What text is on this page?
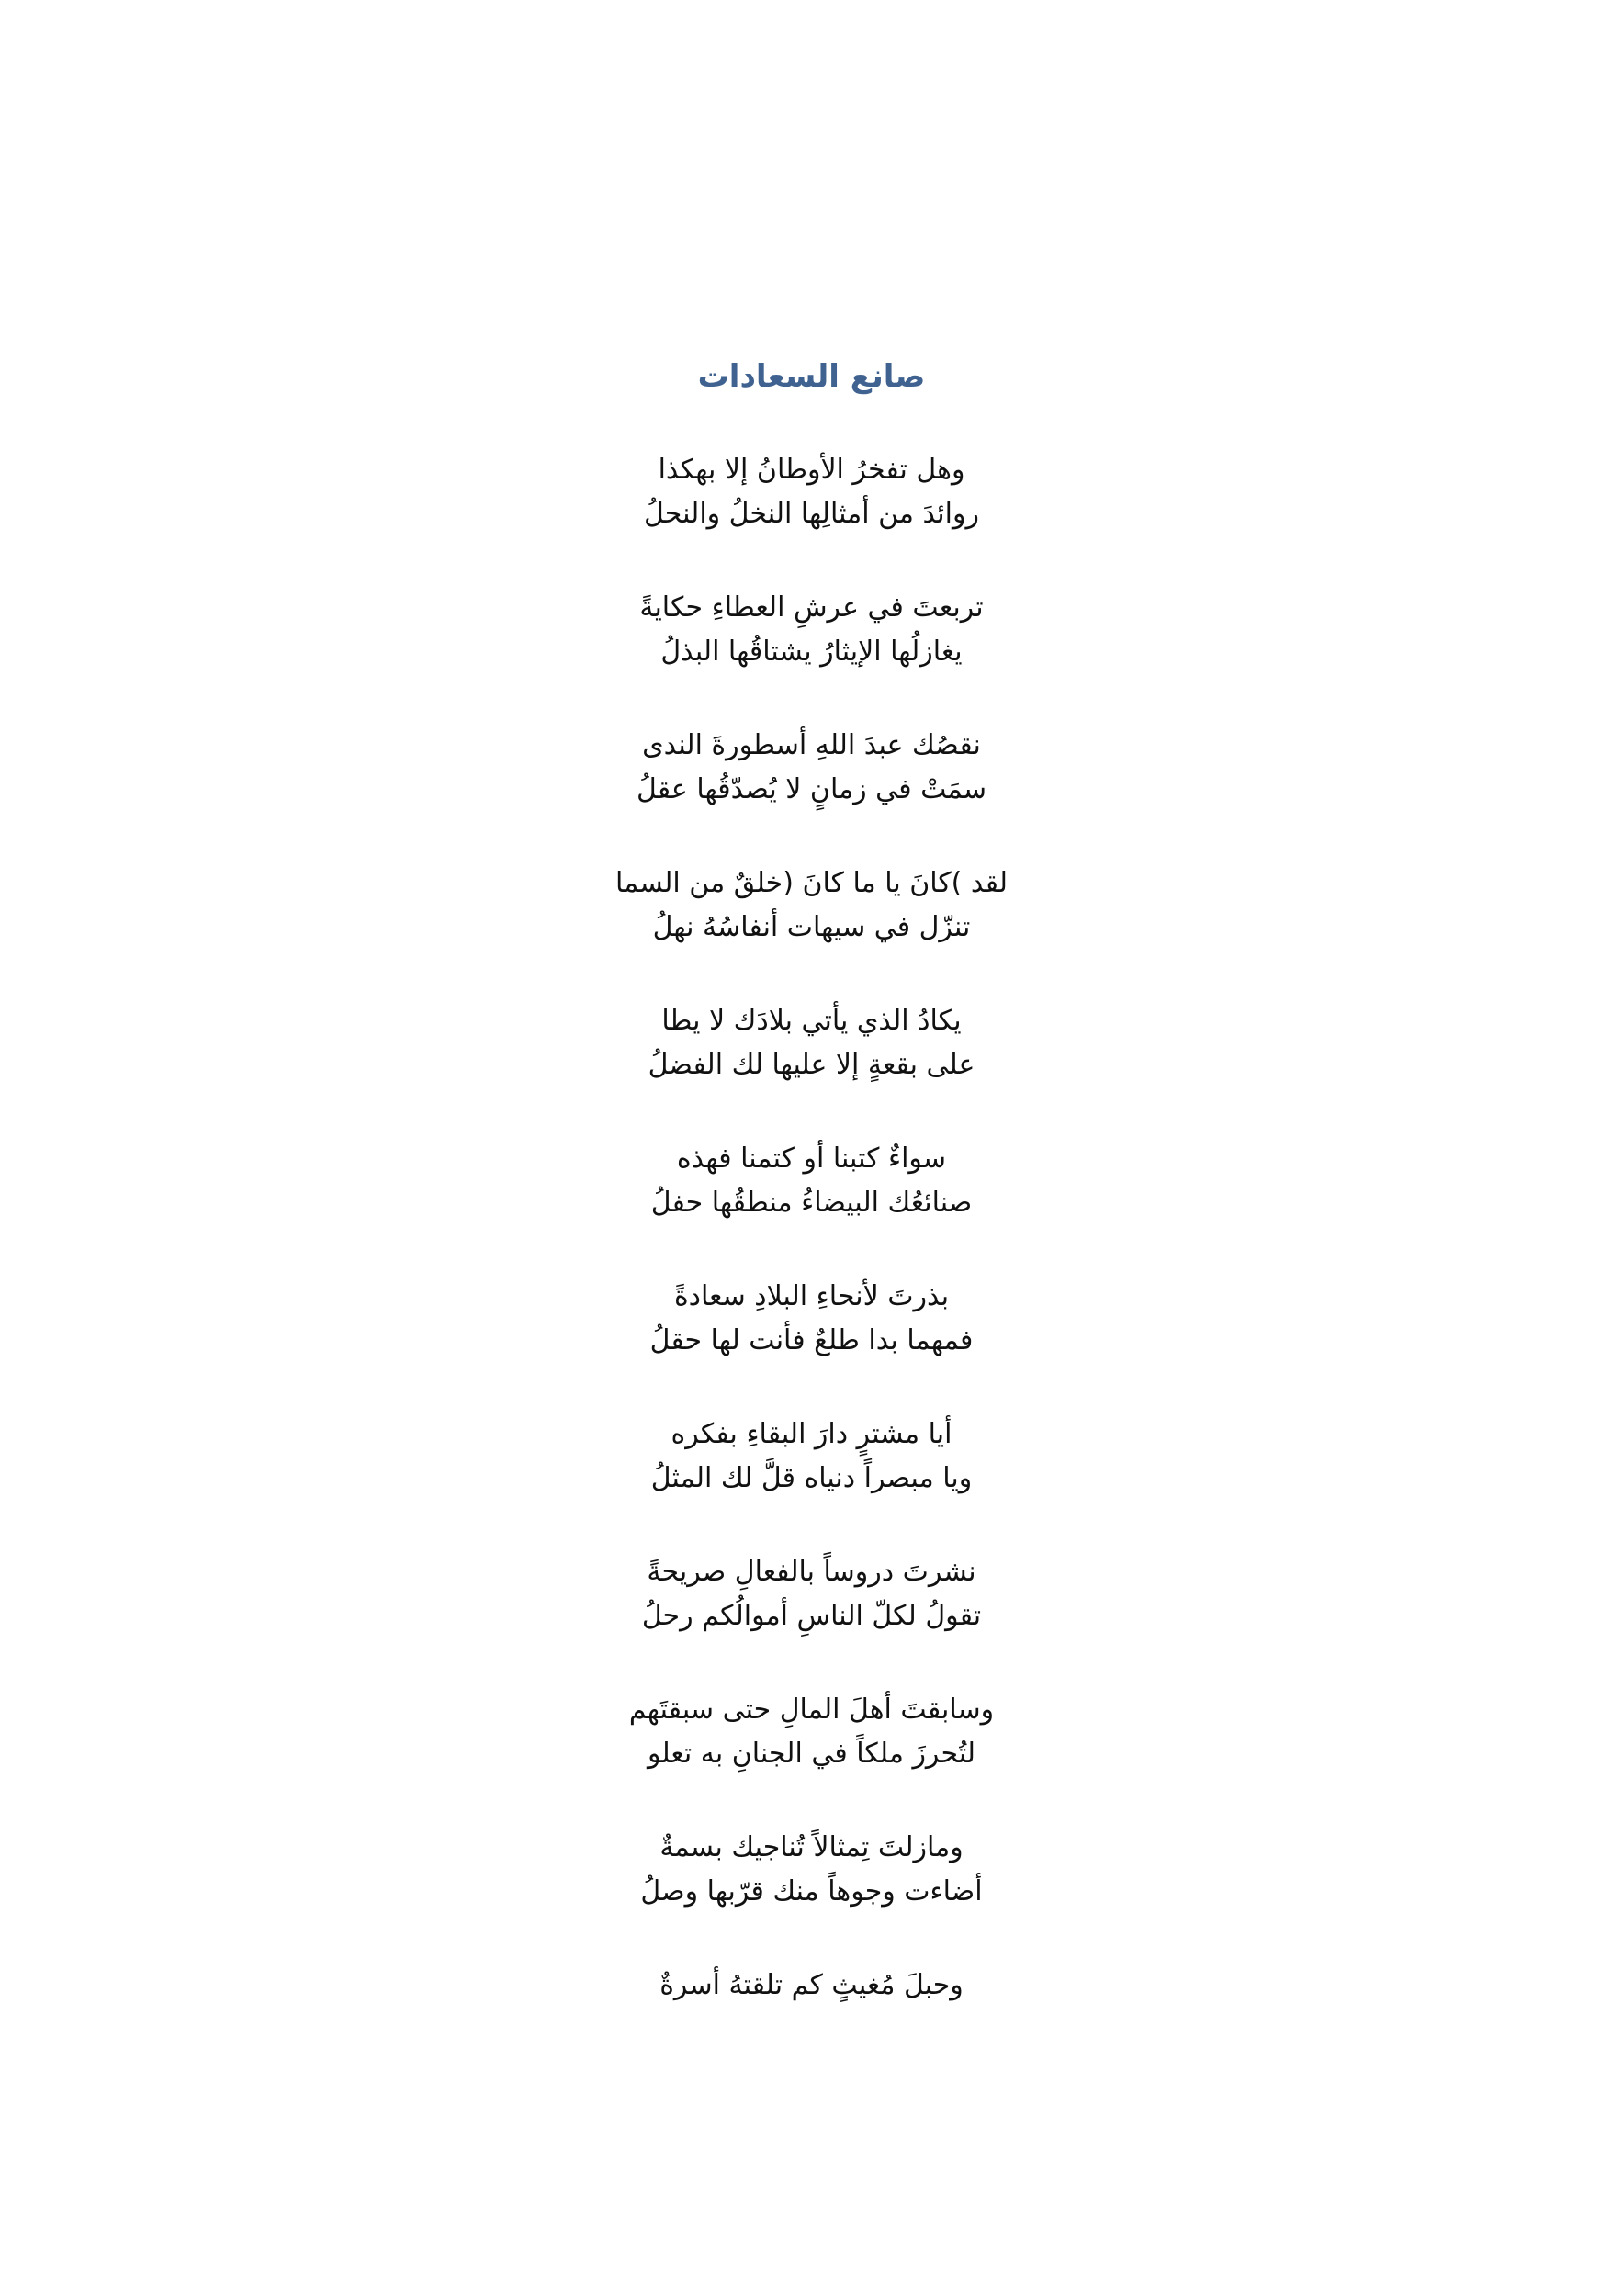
صانع السعادات
وهل تفخرُ الأوطانُ إلا بهكذا
روائدَ من أمثالِها النخلُ والنحلُ
تربعتَ في عرشِ العطاءِ حكايةً
يغازلُها الإيثارُ يشتاقُها البذلُ
نقصُك عبدَ اللهِ أسطورةَ الندى
سمَتْ في زمانٍ لا يُصدّقُها عقلُ
لقد )كانَ يا ما كانَ (خلقٌ من السما
تنزّل في سيهات أنفاسُهُ نهلُ
يكادُ الذي يأتي بلادَك لا يطا
على بقعةٍ إلا عليها لك الفضلُ
سواءٌ كتبنا أو كتمنا فهذه
صنائعُك البيضاءُ منطقُها حفلُ
بذرتَ لأنحاءِ البلادِ سعادةً
فمهما بدا طلعٌ فأنت لها حقلُ
أيا مشترٍ دارَ البقاءِ بفكره
ويا مبصراً دنياه قلَّ لك المثلُ
نشرتَ دروساً بالفعالِ صريحةً
تقولُ لكلّ الناسِ أموالُكم رحلُ
وسابقتَ أهلَ المالِ حتى سبقتَهم
لتُحرزَ ملكاً في الجنانِ به تعلو
ومازلتَ تِمثالاً تُناجيك بسمةٌ
أضاءت وجوهاً منك قرّبها وصلُ
وحبلَ مُغيثٍ كم تلقتهُ أسرةٌ
